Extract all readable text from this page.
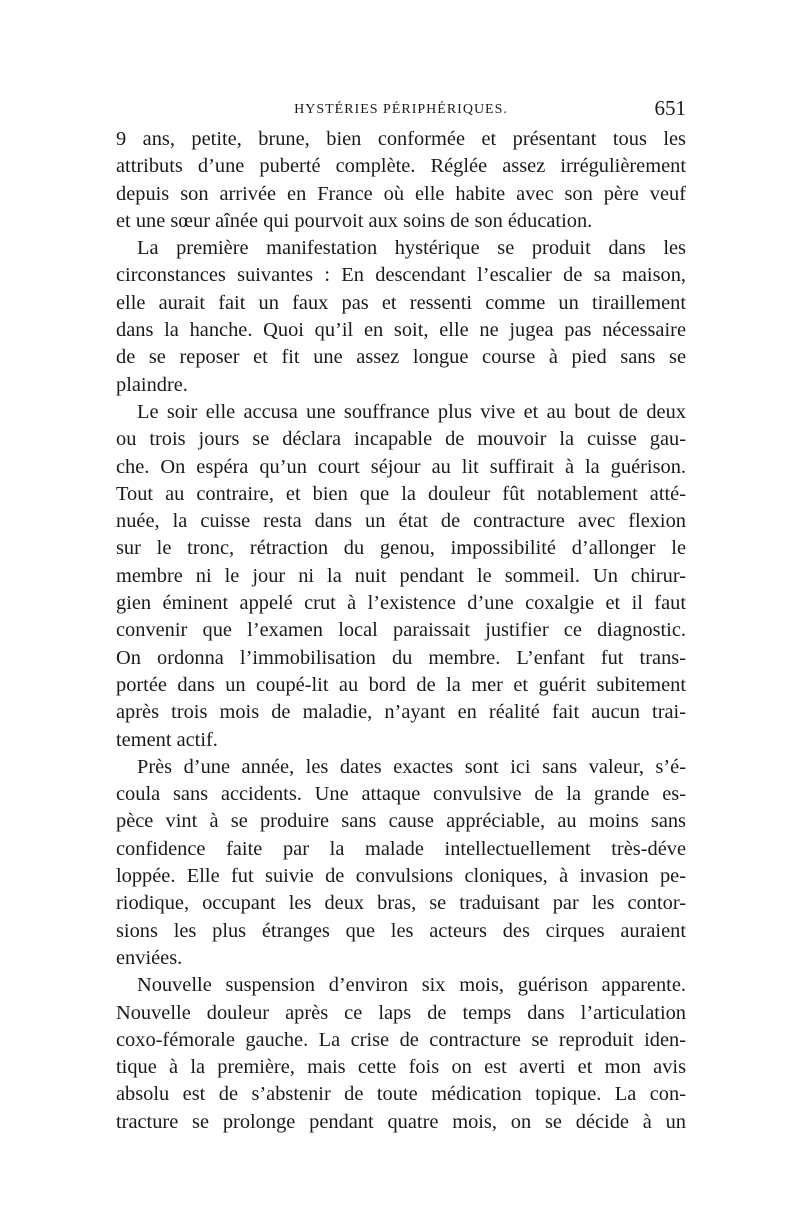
HYSTÉRIES PÉRIPHÉRIQUES.	651
9 ans, petite, brune, bien conformée et présentant tous les
attributs d’une puberté complète. Réglée assez irrégulièrement
depuis son arrivée en France où elle habite avec son père veuf
et une sœur aînée qui pourvoit aux soins de son éducation.
La première manifestation hystérique se produit dans les
circonstances suivantes : En descendant l’escalier de sa maison,
elle aurait fait un faux pas et ressenti comme un tiraillement
dans la hanche. Quoi qu’il en soit, elle ne jugea pas nécessaire
de se reposer et fit une assez longue course à pied sans se
plaindre.
Le soir elle accusa une souffrance plus vive et au bout de deux
ou trois jours se déclara incapable de mouvoir la cuisse gau-
che. On espéra qu’un court séjour au lit suffirait à la guérison.
Tout au contraire, et bien que la douleur fût notablement atté-
nuée, la cuisse resta dans un état de contracture avec flexion
sur le tronc, rétraction du genou, impossibilité d’allonger le
membre ni le jour ni la nuit pendant le sommeil. Un chirur-
gien éminent appelé crut à l’existence d’une coxalgie et il faut
convenir que l’examen local paraissait justifier ce diagnostic.
On ordonna l’immobilisation du membre. L’enfant fut trans-
portée dans un coupé-lit au bord de la mer et guérit subitement
après trois mois de maladie, n’ayant en réalité fait aucun trai-
tement actif.
Près d’une année, les dates exactes sont ici sans valeur, s’é-
coula sans accidents. Une attaque convulsive de la grande es-
pèce vint à se produire sans cause appréciable, au moins sans
confidence faite par la malade intellectuellement très-déve
loppée. Elle fut suivie de convulsions cloniques, à invasion pe-
riodique, occupant les deux bras, se traduisant par les contor-
sions les plus étranges que les acteurs des cirques auraient
enviées.
Nouvelle suspension d’environ six mois, guérison apparente.
Nouvelle douleur après ce laps de temps dans l’articulation
coxo-fémorale gauche. La crise de contracture se reproduit iden-
tique à la première, mais cette fois on est averti et mon avis
absolu est de s’abstenir de toute médication topique. La con-
tracture se prolonge pendant quatre mois, on se décide à un
